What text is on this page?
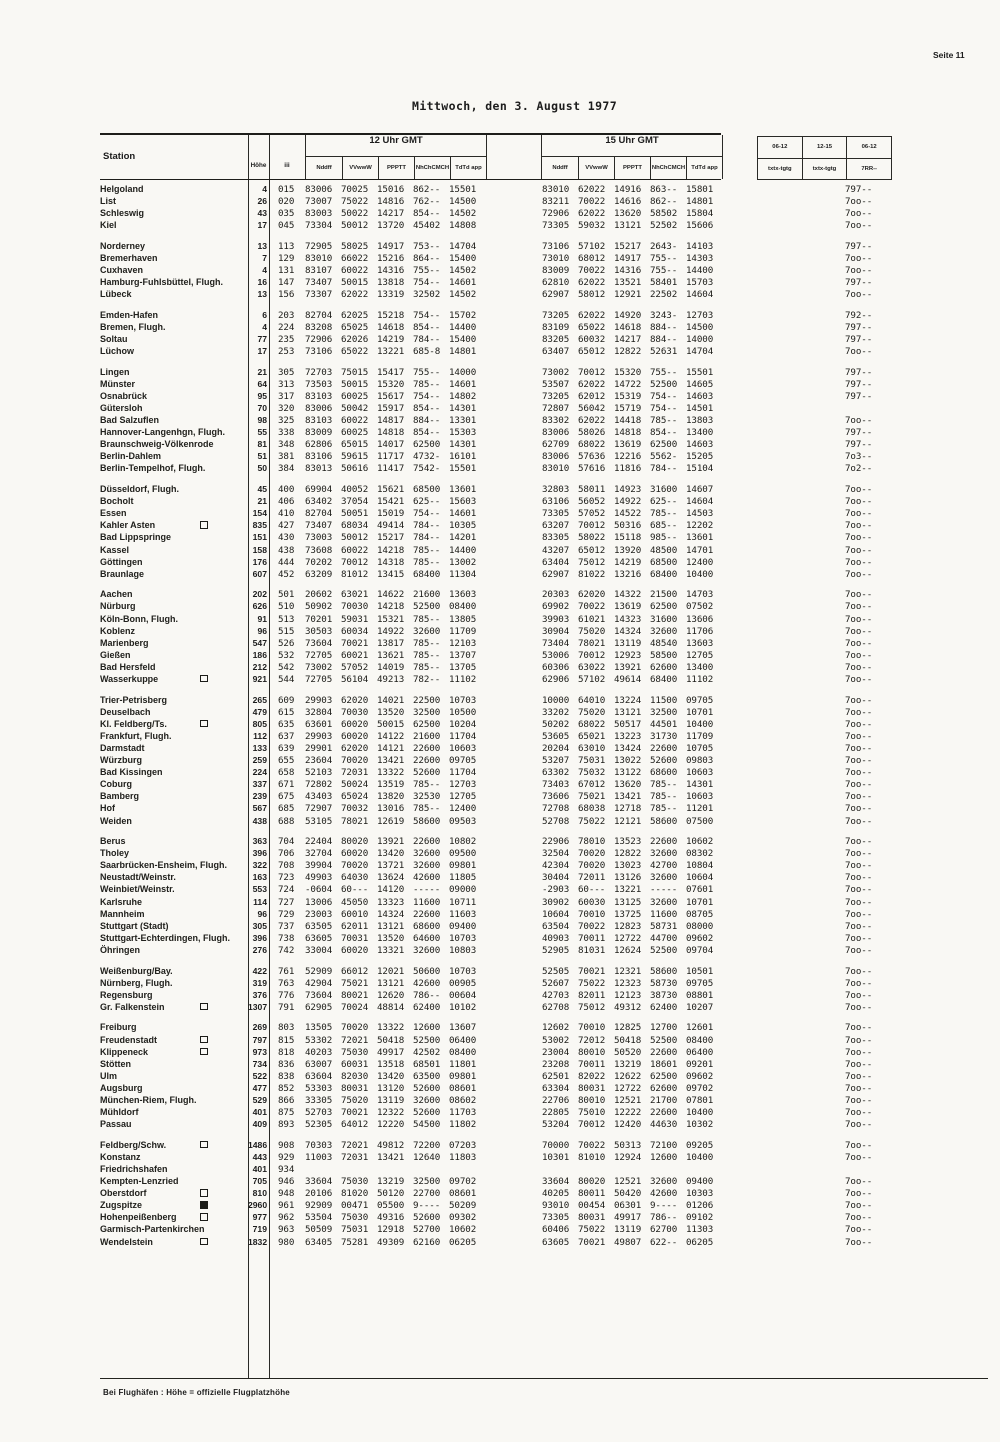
Seite 11
Mittwoch, den 3. August 1977
Station
Höhe	iii
12 Uhr GMT
Nddff	VVwwW	PPPTT	NhChCMCH	TdTd app
15 Uhr GMT
Nddff	VVwwW	PPPTT	NhChCMCH	TdTd app
06-12	12-15	06-12
txtx-tgtg	txtx-tgtg	7RR--
Helgoland	4 015	83006 70025 15016 862-- 15501	83010 62022 14916 863-- 15801	797--
List	26 020	73007 75022 14816 762-- 14500	83211 70022 14616 862-- 14801	7oo--
Schleswig	43 035	83003 50022 14217 854-- 14502	72906 62022 13620 58502 15804	7oo--
Kiel	17 045	73304 50012 13720 45402 14808	73305 59032 13121 52502 15606	7oo--
Norderney	13 113	72905 58025 14917 753-- 14704	73106 57102 15217 2643- 14103	797--
Bremerhaven	7 129	83010 66022 15216 864-- 15400	73010 68012 14917 755-- 14303	7oo--
Cuxhaven	4 131	83107 60022 14316 755-- 14502	83009 70022 14316 755-- 14400	7oo--
Hamburg-Fuhlsbüttel, Flugh.	16 147	73407 50015 13818 754-- 14601	62810 62022 13521 58401 15703	797--
Lübeck	13 156	73307 62022 13319 32502 14502	62907 58012 12921 22502 14604	7oo--
Emden-Hafen	6 203	82704 62025 15218 754-- 15702	73205 62022 14920 3243- 12703	792--
Bremen, Flugh.	4 224	83208 65025 14618 854-- 14400	83109 65022 14618 884-- 14500	797--
Soltau	77 235	72906 62026 14219 784-- 15400	83205 60032 14217 884-- 14000	797--
Lüchow	17 253	73106 65022 13221 685-8 14801	63407 65012 12822 52631 14704	7oo--
Lingen	21 305	72703 75015 15417 755-- 14000	73002 70012 15320 755-- 15501	797--
Münster	64 313	73503 50015 15320 785-- 14601	53507 62022 14722 52500 14605	797--
Osnabrück	95 317	83103 60025 15617 754-- 14802	73205 62012 15319 754-- 14603	797--
Gütersloh	70 320	83006 50042 15917 854-- 14301	72807 56042 15719 754-- 14501
Bad Salzuflen	98 325	83103 60022 14817 884-- 13301	83302 62022 14418 785-- 13803	7oo--
Hannover-Langenhgn, Flugh.	55 338	83009 60025 14818 854-- 15303	83006 58026 14818 854-- 13400	797--
Braunschweig-Völkenrode	81 348	62806 65015 14017 62500 14301	62709 68022 13619 62500 14603	797--
Berlin-Dahlem	51 381	83106 59615 11717 4732- 16101	83006 57636 12216 5562- 15205	7o3--
Berlin-Tempelhof, Flugh.	50 384	83013 50616 11417 7542- 15501	83010 57616 11816 784-- 15104	7o2--
Düsseldorf, Flugh.	45 400	69904 40052 15621 68500 13601	32803 58011 14923 31600 14607	7oo--
Bocholt	21 406	63402 37054 15421 625-- 15603	63106 56052 14922 625-- 14604	7oo--
Essen	154 410	82704 50051 15019 754-- 14601	73305 57052 14522 785-- 14503	7oo--
Kahler Asten	835 427	73407 68034 49414 784-- 10305	63207 70012 50316 685-- 12202	7oo--
Bad Lippspringe	151 430	73003 50012 15217 784-- 14201	83305 58022 15118 985-- 13601	7oo--
Kassel	158 438	73608 60022 14218 785-- 14400	43207 65012 13920 48500 14701	7oo--
Göttingen	176 444	70202 70012 14318 785-- 13002	63404 75012 14219 68500 12400	7oo--
Braunlage	607 452	63209 81012 13415 68400 11304	62907 81022 13216 68400 10400	7oo--
Aachen	202 501	20602 63021 14622 21600 13603	20303 62020 14322 21500 14703	7oo--
Nürburg	626 510	50902 70030 14218 52500 08400	69902 70022 13619 62500 07502	7oo--
Köln-Bonn, Flugh.	91 513	70201 59031 15321 785-- 13805	39903 61021 14323 31600 13606	7oo--
Koblenz	96 515	30503 60034 14922 32600 11709	30904 75020 14324 32600 11706	7oo--
Marienberg	547 526	73604 70021 13817 785-- 12103	73404 78021 13119 48540 13603	7oo--
Gießen	186 532	72705 60021 13621 785-- 13707	53006 70012 12923 58500 12705	7oo--
Bad Hersfeld	212 542	73002 57052 14019 785-- 13705	60306 63022 13921 62600 13400	7oo--
Wasserkuppe	921 544	72705 56104 49213 782-- 11102	62906 57102 49614 68400 11102	7oo--
Trier-Petrisberg	265 609	29903 62020 14021 22500 10703	10000 64010 13224 11500 09705	7oo--
Deuselbach	479 615	32804 70030 13520 32500 10500	33202 75020 13121 32500 10701	7oo--
Kl. Feldberg/Ts.	805 635	63601 60020 50015 62500 10204	50202 68022 50517 44501 10400	7oo--
Frankfurt, Flugh.	112 637	29903 60020 14122 21600 11704	53605 65021 13223 31730 11709	7oo--
Darmstadt	133 639	29901 62020 14121 22600 10603	20204 63010 13424 22600 10705	7oo--
Würzburg	259 655	23604 70020 13421 22600 09705	53207 75031 13022 52600 09803	7oo--
Bad Kissingen	224 658	52103 72031 13322 52600 11704	63302 75032 13122 68600 10603	7oo--
Coburg	337 671	72802 50024 13519 785-- 12703	73403 67012 13620 785-- 14301	7oo--
Bamberg	239 675	43403 65024 13820 32530 12705	73606 75021 13421 785-- 10603	7oo--
Hof	567 685	72907 70032 13016 785-- 12400	72708 68038 12718 785-- 11201	7oo--
Weiden	438 688	53105 78021 12619 58600 09503	52708 75022 12121 58600 07500	7oo--
Berus	363 704	22404 80020 13921 22600 10802	22906 78010 13523 22600 10602	7oo--
Tholey	396 706	32704 60020 13420 32600 09500	32504 70020 12822 32600 08302	7oo--
Saarbrücken-Ensheim, Flugh.	322 708	39904 70020 13721 32600 09801	42304 70020 13023 42700 10804	7oo--
Neustadt/Weinstr.	163 723	49903 64030 13624 42600 11805	30404 72011 13126 32600 10604	7oo--
Weinbiet/Weinstr.	553 724	-0604 60--- 14120 ----- 09000	-2903 60--- 13221 ----- 07601	7oo--
Karlsruhe	114 727	13006 45050 13323 11600 10711	30902 60030 13125 32600 10701	7oo--
Mannheim	96 729	23003 60010 14324 22600 11603	10604 70010 13725 11600 08705	7oo--
Stuttgart (Stadt)	305 737	63505 62011 13121 68600 09400	63504 70022 12823 58731 08000	7oo--
Stuttgart-Echterdingen, Flugh.	396 738	63605 70031 13520 64600 10703	40903 70011 12722 44700 09602	7oo--
Öhringen	276 742	33004 60020 13321 32600 10803	52905 81031 12624 52500 09704	7oo--
Weißenburg/Bay.	422 761	52909 66012 12021 50600 10703	52505 70021 12321 58600 10501	7oo--
Nürnberg, Flugh.	319 763	42904 75021 13121 42600 00905	52607 75022 12323 58730 09705	7oo--
Regensburg	376 776	73604 80021 12620 786-- 00604	42703 82011 12123 38730 08801	7oo--
Gr. Falkenstein	1307 791	62905 70024 48814 62400 10102	62708 75012 49312 62400 10207	7oo--
Freiburg	269 803	13505 70020 13322 12600 13607	12602 70010 12825 12700 12601	7oo--
Freudenstadt	797 815	53302 72021 50418 52500 06400	53002 72012 50418 52500 08400	7oo--
Klippeneck	973 818	40203 75030 49917 42502 08400	23004 80010 50520 22600 06400	7oo--
Stötten	734 836	63007 60031 13518 68501 11801	23208 70011 13219 18601 09201	7oo--
Ulm	522 838	63604 82030 13420 63500 09801	62501 82022 12622 62500 09602	7oo--
Augsburg	477 852	53303 80031 13120 52600 08601	63304 80031 12722 62600 09702	7oo--
München-Riem, Flugh.	529 866	33305 75020 13119 32600 08602	22706 80010 12521 21700 07801	7oo--
Mühldorf	401 875	52703 70021 12322 52600 11703	22805 75010 12222 22600 10400	7oo--
Passau	409 893	52305 64012 12220 54500 11802	53204 70012 12420 44630 10302	7oo--
Feldberg/Schw.	1486 908	70303 72021 49812 72200 07203	70000 70022 50313 72100 09205	7oo--
Konstanz	443 929	11003 72031 13421 12640 11803	10301 81010 12924 12600 10400	7oo--
Friedrichshafen	401 934
Kempten-Lenzried	705 946	33604 75030 13219 32500 09702	33604 80020 12521 32600 09400	7oo--
Oberstdorf	810 948	20106 81020 50120 22700 08601	40205 80011 50420 42600 10303	7oo--
Zugspitze	2960 961	92909 00471 05500 9---- 50209	93010 00454 06301 9---- 01206	7oo--
Hohenpeißenberg	977 962	53504 75030 49316 52600 09302	73305 80031 49917 786-- 09102	7oo--
Garmisch-Partenkirchen	719 963	50509 75031 12918 52700 10602	60406 75022 13119 62700 11303	7oo--
Wendelstein	1832 980	63405 75281 49309 62160 06205	63605 70021 49807 622-- 06205	7oo--
Bei Flughäfen : Höhe = offizielle Flugplatzhöhe
